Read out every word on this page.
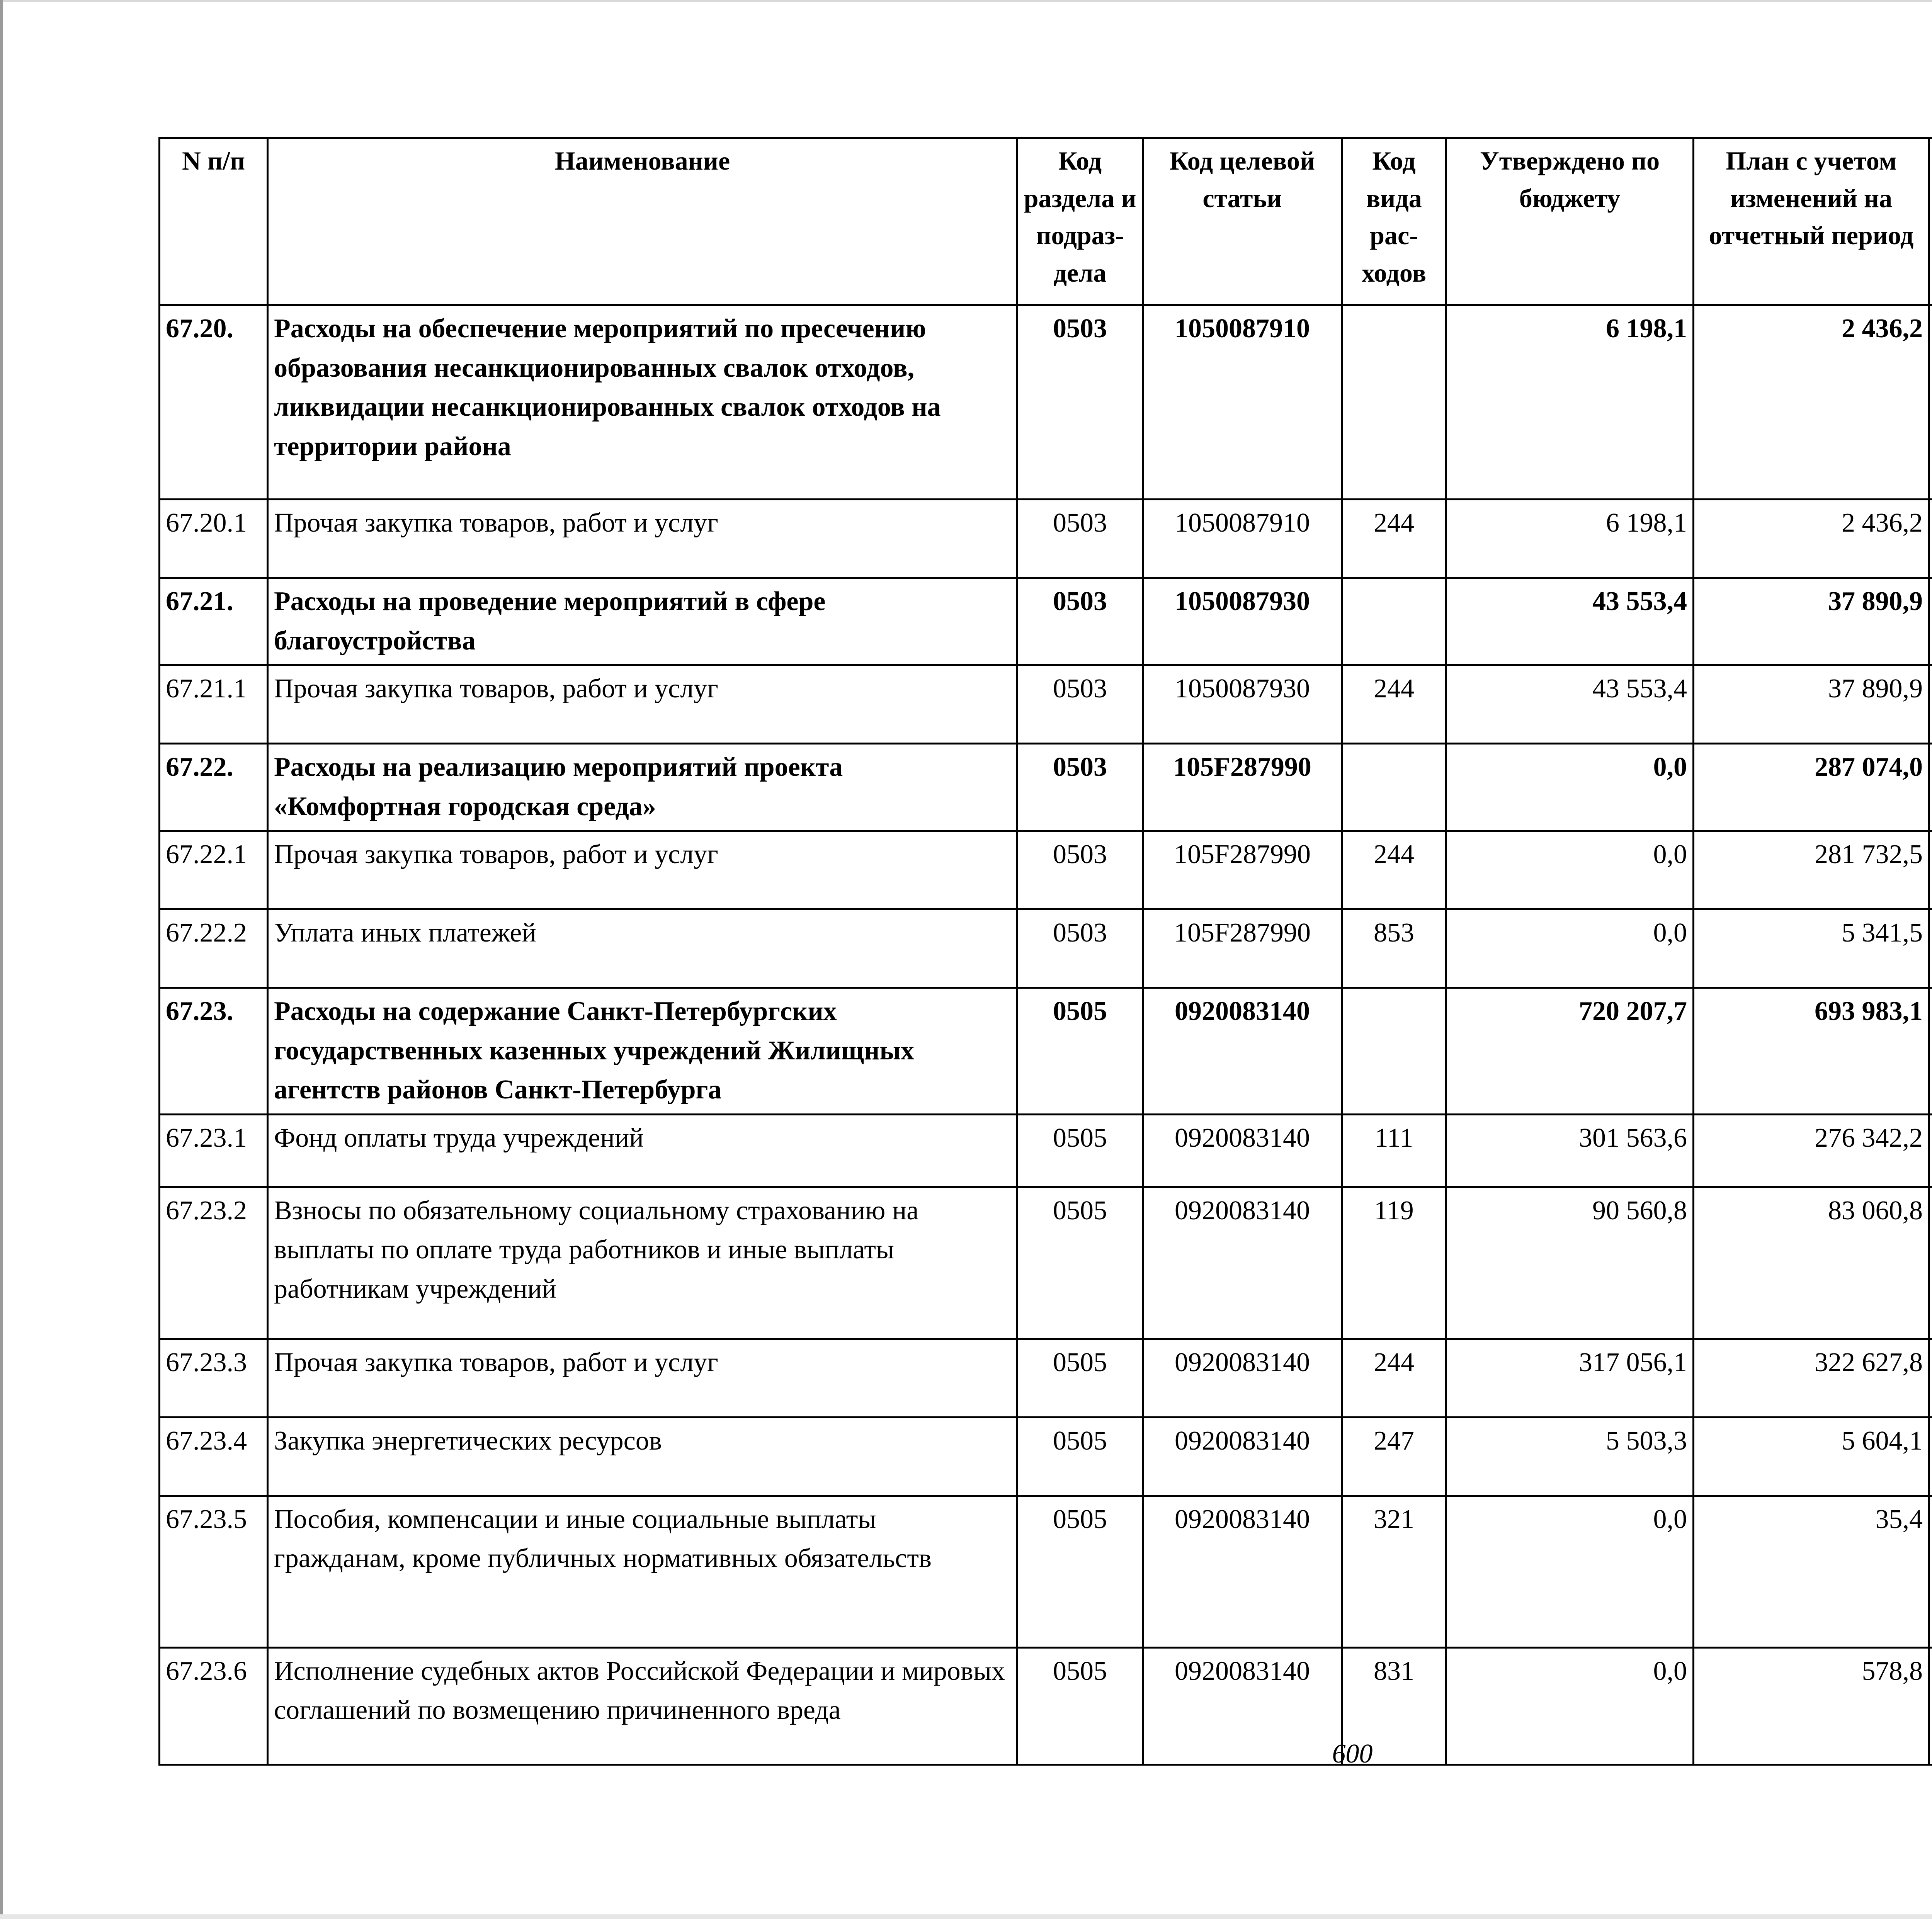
N п/п	Наименование	Код раздела и подраз-дела	Код целевой статьи	Код вида рас-ходов	Утверждено по бюджету	План с учетом изменений на отчетный период		

67.20.	Расходы на обеспечение мероприятий по пресечению образования несанкционированных свалок отходов, ликвидации несанкционированных свалок отходов на территории района	0503	1050087910		6 198,1	2 436,2			
67.20.1	Прочая закупка товаров, работ и услуг	0503	1050087910	244	6 198,1	2 436,2			
67.21.	Расходы на проведение мероприятий в сфере благоустройства	0503	1050087930		43 553,4	37 890,9			
67.21.1	Прочая закупка товаров, работ и услуг	0503	1050087930	244	43 553,4	37 890,9			
67.22.	Расходы на реализацию мероприятий проекта «Комфортная городская среда»	0503	105F287990		0,0	287 074,0			
67.22.1	Прочая закупка товаров, работ и услуг	0503	105F287990	244	0,0	281 732,5			
67.22.2	Уплата иных платежей	0503	105F287990	853	0,0	5 341,5			
67.23.	Расходы на содержание Санкт-Петербургских государственных казенных учреждений Жилищных агентств районов Санкт-Петербурга	0505	0920083140		720 207,7	693 983,1			
67.23.1	Фонд оплаты труда учреждений	0505	0920083140	111	301 563,6	276 342,2			
67.23.2	Взносы по обязательному социальному страхованию на выплаты по оплате труда работников и иные выплаты работникам учреждений	0505	0920083140	119	90 560,8	83 060,8			
67.23.3	Прочая закупка товаров, работ и услуг	0505	0920083140	244	317 056,1	322 627,8			
67.23.4	Закупка энергетических ресурсов	0505	0920083140	247	5 503,3	5 604,1			
67.23.5	Пособия, компенсации и иные социальные выплаты гражданам, кроме публичных нормативных обязательств	0505	0920083140	321	0,0	35,4			
67.23.6	Исполнение судебных актов Российской Федерации и мировых соглашений по возмещению причиненного вреда	0505	0920083140	831	0,0	578,8			
600
